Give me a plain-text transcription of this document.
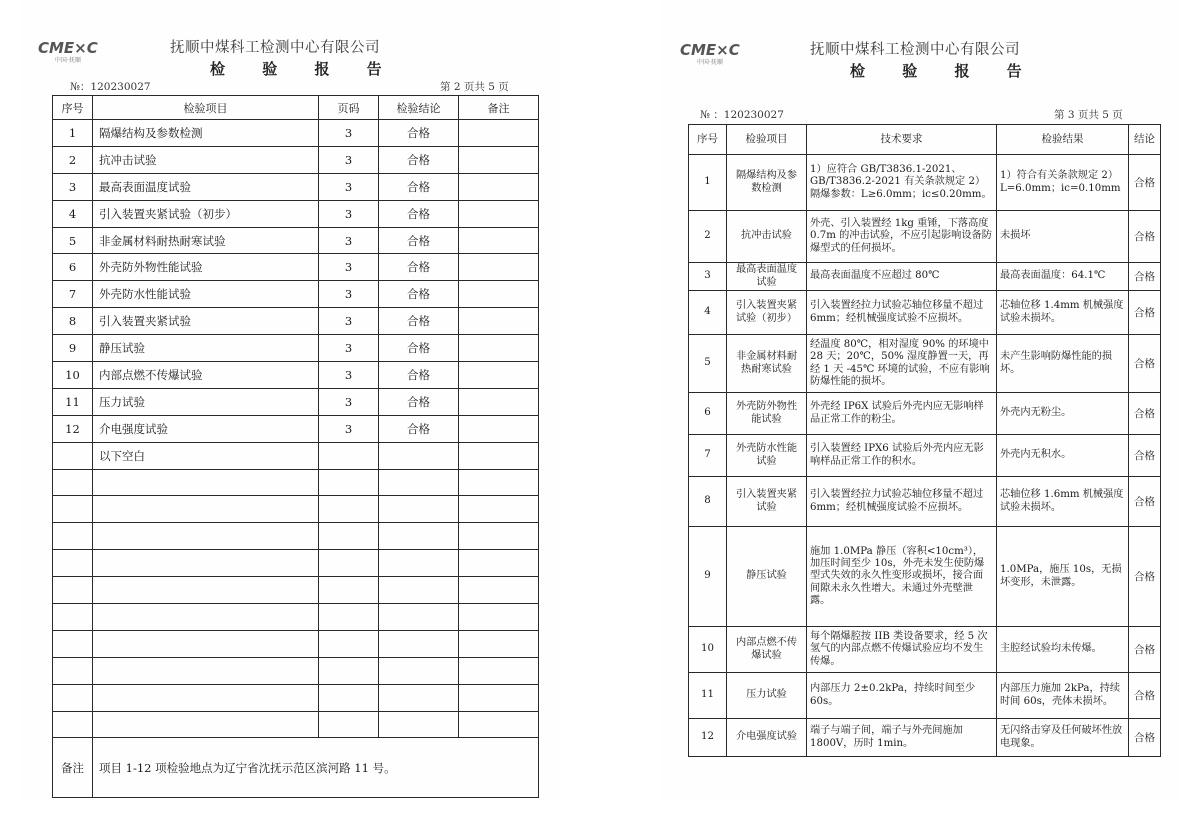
CME×C
中国·抚顺
抚顺中煤科工检测中心有限公司
检 验 报 告
№：120230027	第 2 页共 5 页
序号	检验项目	页码	检验结论	备注
1	隔爆结构及参数检测	3	合格	
2	抗冲击试验	3	合格	
3	最高表面温度试验	3	合格	
4	引入装置夹紧试验（初步）	3	合格	
5	非金属材料耐热耐寒试验	3	合格	
6	外壳防外物性能试验	3	合格	
7	外壳防水性能试验	3	合格	
8	引入装置夹紧试验	3	合格	
9	静压试验	3	合格	
10	内部点燃不传爆试验	3	合格	
11	压力试验	3	合格	
12	介电强度试验	3	合格	
	以下空白			

备注	项目 1-12 项检验地点为辽宁省沈抚示范区滨河路 11 号。			
CME×C
中国·抚顺
抚顺中煤科工检测中心有限公司
检 验 报 告
№ ：120230027	第 3 页共 5 页
序号	检验项目	技术要求	检验结果	结论
1	隔爆结构及参数检测	1）应符合 GB/T3836.1-2021、GB/T3836.2-2021 有关条款规定 2）隔爆参数：L≥6.0mm；ic≤0.20mm。	1）符合有关条款规定 2） L=6.0mm；ic=0.10mm	合格
2	抗冲击试验	外壳、引入装置经 1kg 重锤，下落高度 0.7m 的冲击试验，不应引起影响设备防爆型式的任何损坏。	未损坏	合格
3	最高表面温度试验	最高表面温度不应超过 80℃	最高表面温度：64.1℃	合格
4	引入装置夹紧试验（初步）	引入装置经拉力试验芯轴位移量不超过 6mm；经机械强度试验不应损坏。	芯轴位移 1.4mm 机械强度试验未损坏。	合格
5	非金属材料耐热耐寒试验	经温度 80℃，相对湿度 90% 的环境中 28 天；20℃，50% 湿度静置一天，再经 1 天 -45℃ 环境的试验，不应有影响防爆性能的损坏。	未产生影响防爆性能的损坏。	合格
6	外壳防外物性能试验	外壳经 IP6X 试验后外壳内应无影响样品正常工作的粉尘。	外壳内无粉尘。	合格
7	外壳防水性能试验	引入装置经 IPX6 试验后外壳内应无影响样品正常工作的积水。	外壳内无积水。	合格
8	引入装置夹紧试验	引入装置经拉力试验芯轴位移量不超过 6mm；经机械强度试验不应损坏。	芯轴位移 1.6mm 机械强度试验未损坏。	合格
9	静压试验	施加 1.0MPa 静压（容积<10cm³），加压时间至少 10s，外壳未发生使防爆型式失效的永久性变形或损坏，接合面间隙未永久性增大。未通过外壳壁泄露。	1.0MPa，施压 10s，无损坏变形，未泄露。	合格
10	内部点燃不传爆试验	每个隔爆腔按 IIB 类设备要求，经 5 次氢气的内部点燃不传爆试验应均不发生传爆。	主腔经试验均未传爆。	合格
11	压力试验	内部压力 2±0.2kPa，持续时间至少 60s。	内部压力施加 2kPa，持续时间 60s，壳体未损坏。	合格
12	介电强度试验	端子与端子间，端子与外壳间施加 1800V，历时 1min。	无闪络击穿及任何破坏性放电现象。	合格
